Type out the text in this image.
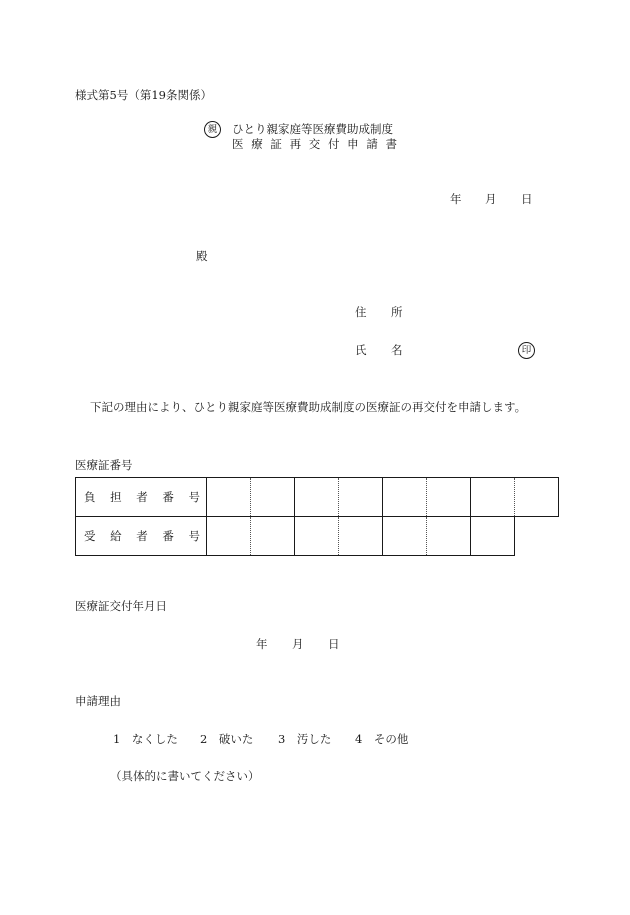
様式第5号（第19条関係）
親	ひとり親家庭等医療費助成制度
医 療 証 再 交 付 申 請 書
年 月 日
殿
住 所
氏 名	印
下記の理由により、ひとり親家庭等医療費助成制度の医療証の再交付を申請します。
医療証番号
負 担 者 番 号								

受 給 者 番 号								

医療証交付年月日
年 月 日
申請理由
1　 なくした 2　 破いた 3　 汚した 4　 その他
（具体的に書いてください）
